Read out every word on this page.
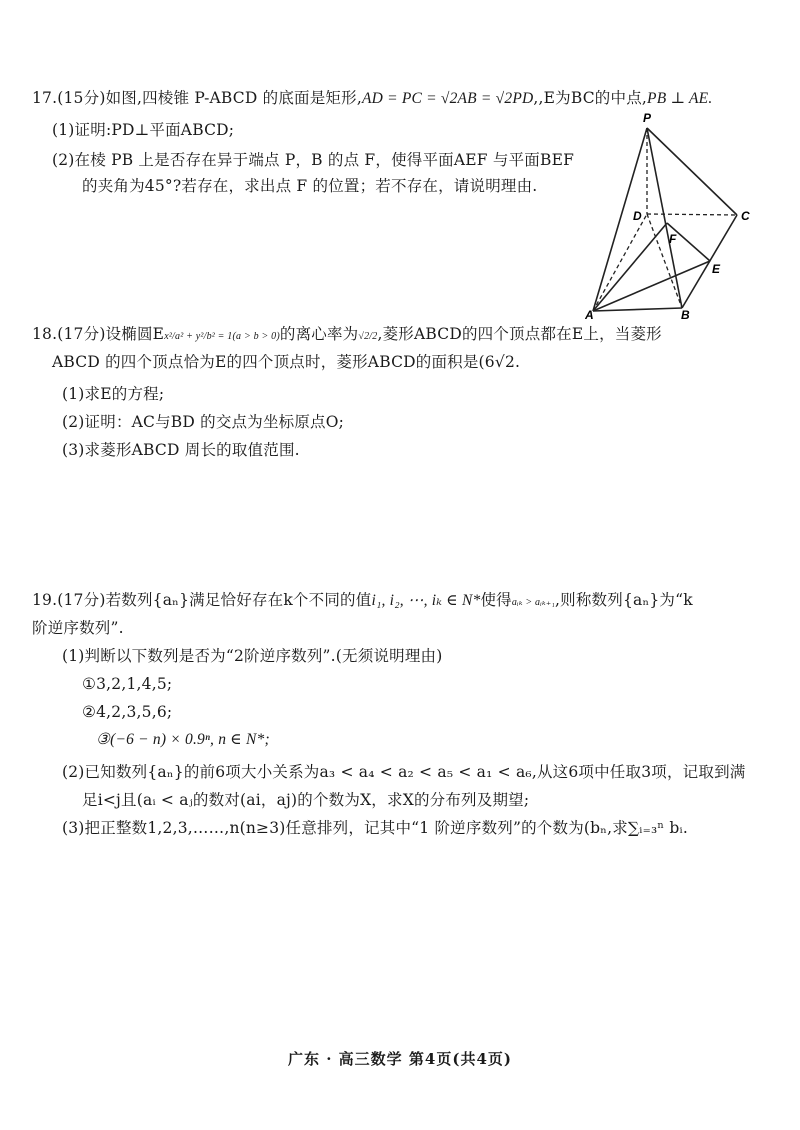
17.(15分)如图,四棱锥 P-ABCD 的底面是矩形,AD = PC = √2AB = √2PD,,E为BC的中点,PB ⊥ AE.
(1)证明:PD⊥平面ABCD;
(2)在棱 PB 上是否存在异于端点 P，B 的点 F，使得平面AEF 与平面BEF
的夹角为45°?若存在，求出点 F 的位置；若不存在，请说明理由.
P
D	C
F
E
A	B
18.(17分)设椭圆Ex²/a² + y²/b² = 1(a > b > 0)的离心率为√2/2,菱形ABCD的四个顶点都在E上，当菱形
ABCD 的四个顶点恰为E的四个顶点时，菱形ABCD的面积是(6√2.
(1)求E的方程;
(2)证明：AC与BD 的交点为坐标原点O;
(3)求菱形ABCD 周长的取值范围.
19.(17分)若数列{aₙ}满足恰好存在k个不同的值i₁, i₂, ⋯, iₖ ∈ N*使得aᵢₖ > aᵢₖ₊₁,则称数列{aₙ}为“k
阶逆序数列”.
(1)判断以下数列是否为“2阶逆序数列”.(无须说明理由)
①3,2,1,4,5;
②4,2,3,5,6;
③(−6 − n) × 0.9ⁿ, n ∈ N*;
(2)已知数列{aₙ}的前6项大小关系为a₃ < a₄ < a₂ < a₅ < a₁ < a₆,从这6项中任取3项，记取到满
足i<j且(aᵢ < aⱼ的数对(ai，aj)的个数为X，求X的分布列及期望;
(3)把正整数1,2,3,……,n(n≥3)任意排列，记其中“1 阶逆序数列”的个数为(bₙ,求∑ᵢ₌₃ⁿ bᵢ.
广东 · 高三数学 第4页(共4页)
